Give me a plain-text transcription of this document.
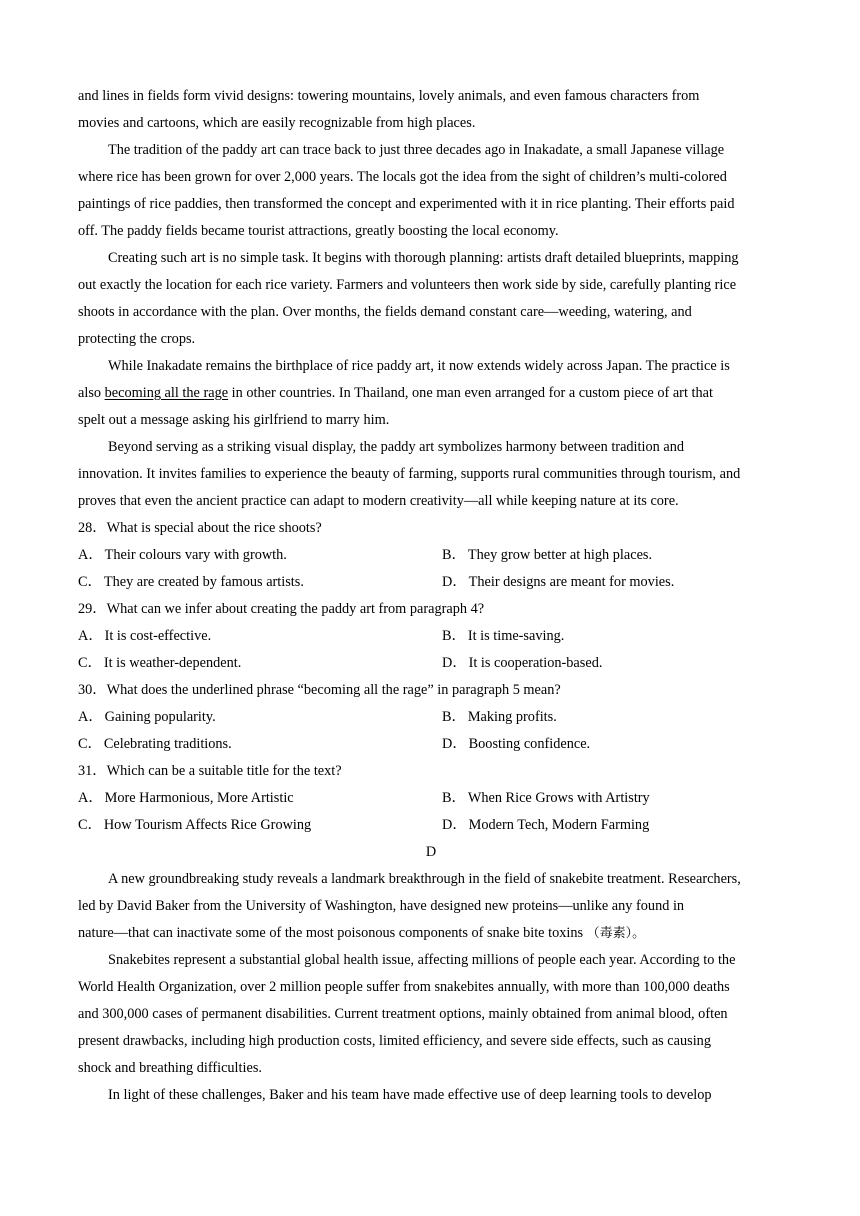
and lines in fields form vivid designs: towering mountains, lovely animals, and even famous characters from
movies and cartoons, which are easily recognizable from high places.
The tradition of the paddy art can trace back to just three decades ago in Inakadate, a small Japanese village
where rice has been grown for over 2,000 years. The locals got the idea from the sight of children’s multi-colored
paintings of rice paddies, then transformed the concept and experimented with it in rice planting. Their efforts paid
off. The paddy fields became tourist attractions, greatly boosting the local economy.
Creating such art is no simple task. It begins with thorough planning: artists draft detailed blueprints, mapping
out exactly the location for each rice variety. Farmers and volunteers then work side by side, carefully planting rice
shoots in accordance with the plan. Over months, the fields demand constant care—weeding, watering, and
protecting the crops.
While Inakadate remains the birthplace of rice paddy art, it now extends widely across Japan. The practice is
also becoming all the rage in other countries. In Thailand, one man even arranged for a custom piece of art that
spelt out a message asking his girlfriend to marry him.
Beyond serving as a striking visual display, the paddy art symbolizes harmony between tradition and
innovation. It invites families to experience the beauty of farming, supports rural communities through tourism, and
proves that even the ancient practice can adapt to modern creativity—all while keeping nature at its core.
28．What is special about the rice shoots?
A． Their colours vary with growth.	B． They grow better at high places.
C． They are created by famous artists.	D． Their designs are meant for movies.
29．What can we infer about creating the paddy art from paragraph 4?
A． It is cost-effective.	B． It is time-saving.
C． It is weather-dependent.	D． It is cooperation-based.
30．What does the underlined phrase “becoming all the rage” in paragraph 5 mean?
A． Gaining popularity.	B． Making profits.
C． Celebrating traditions.	D． Boosting confidence.
31．Which can be a suitable title for the text?
A． More Harmonious, More Artistic	B． When Rice Grows with Artistry
C． How Tourism Affects Rice Growing	D． Modern Tech, Modern Farming
D
A new groundbreaking study reveals a landmark breakthrough in the field of snakebite treatment. Researchers,
led by David Baker from the University of Washington, have designed new proteins—unlike any found in
nature—that can inactivate some of the most poisonous components of snake bite toxins （毒素）。
Snakebites represent a substantial global health issue, affecting millions of people each year. According to the
World Health Organization, over 2 million people suffer from snakebites annually, with more than 100,000 deaths
and 300,000 cases of permanent disabilities. Current treatment options, mainly obtained from animal blood, often
present drawbacks, including high production costs, limited efficiency, and severe side effects, such as causing
shock and breathing difficulties.
In light of these challenges, Baker and his team have made effective use of deep learning tools to develop
